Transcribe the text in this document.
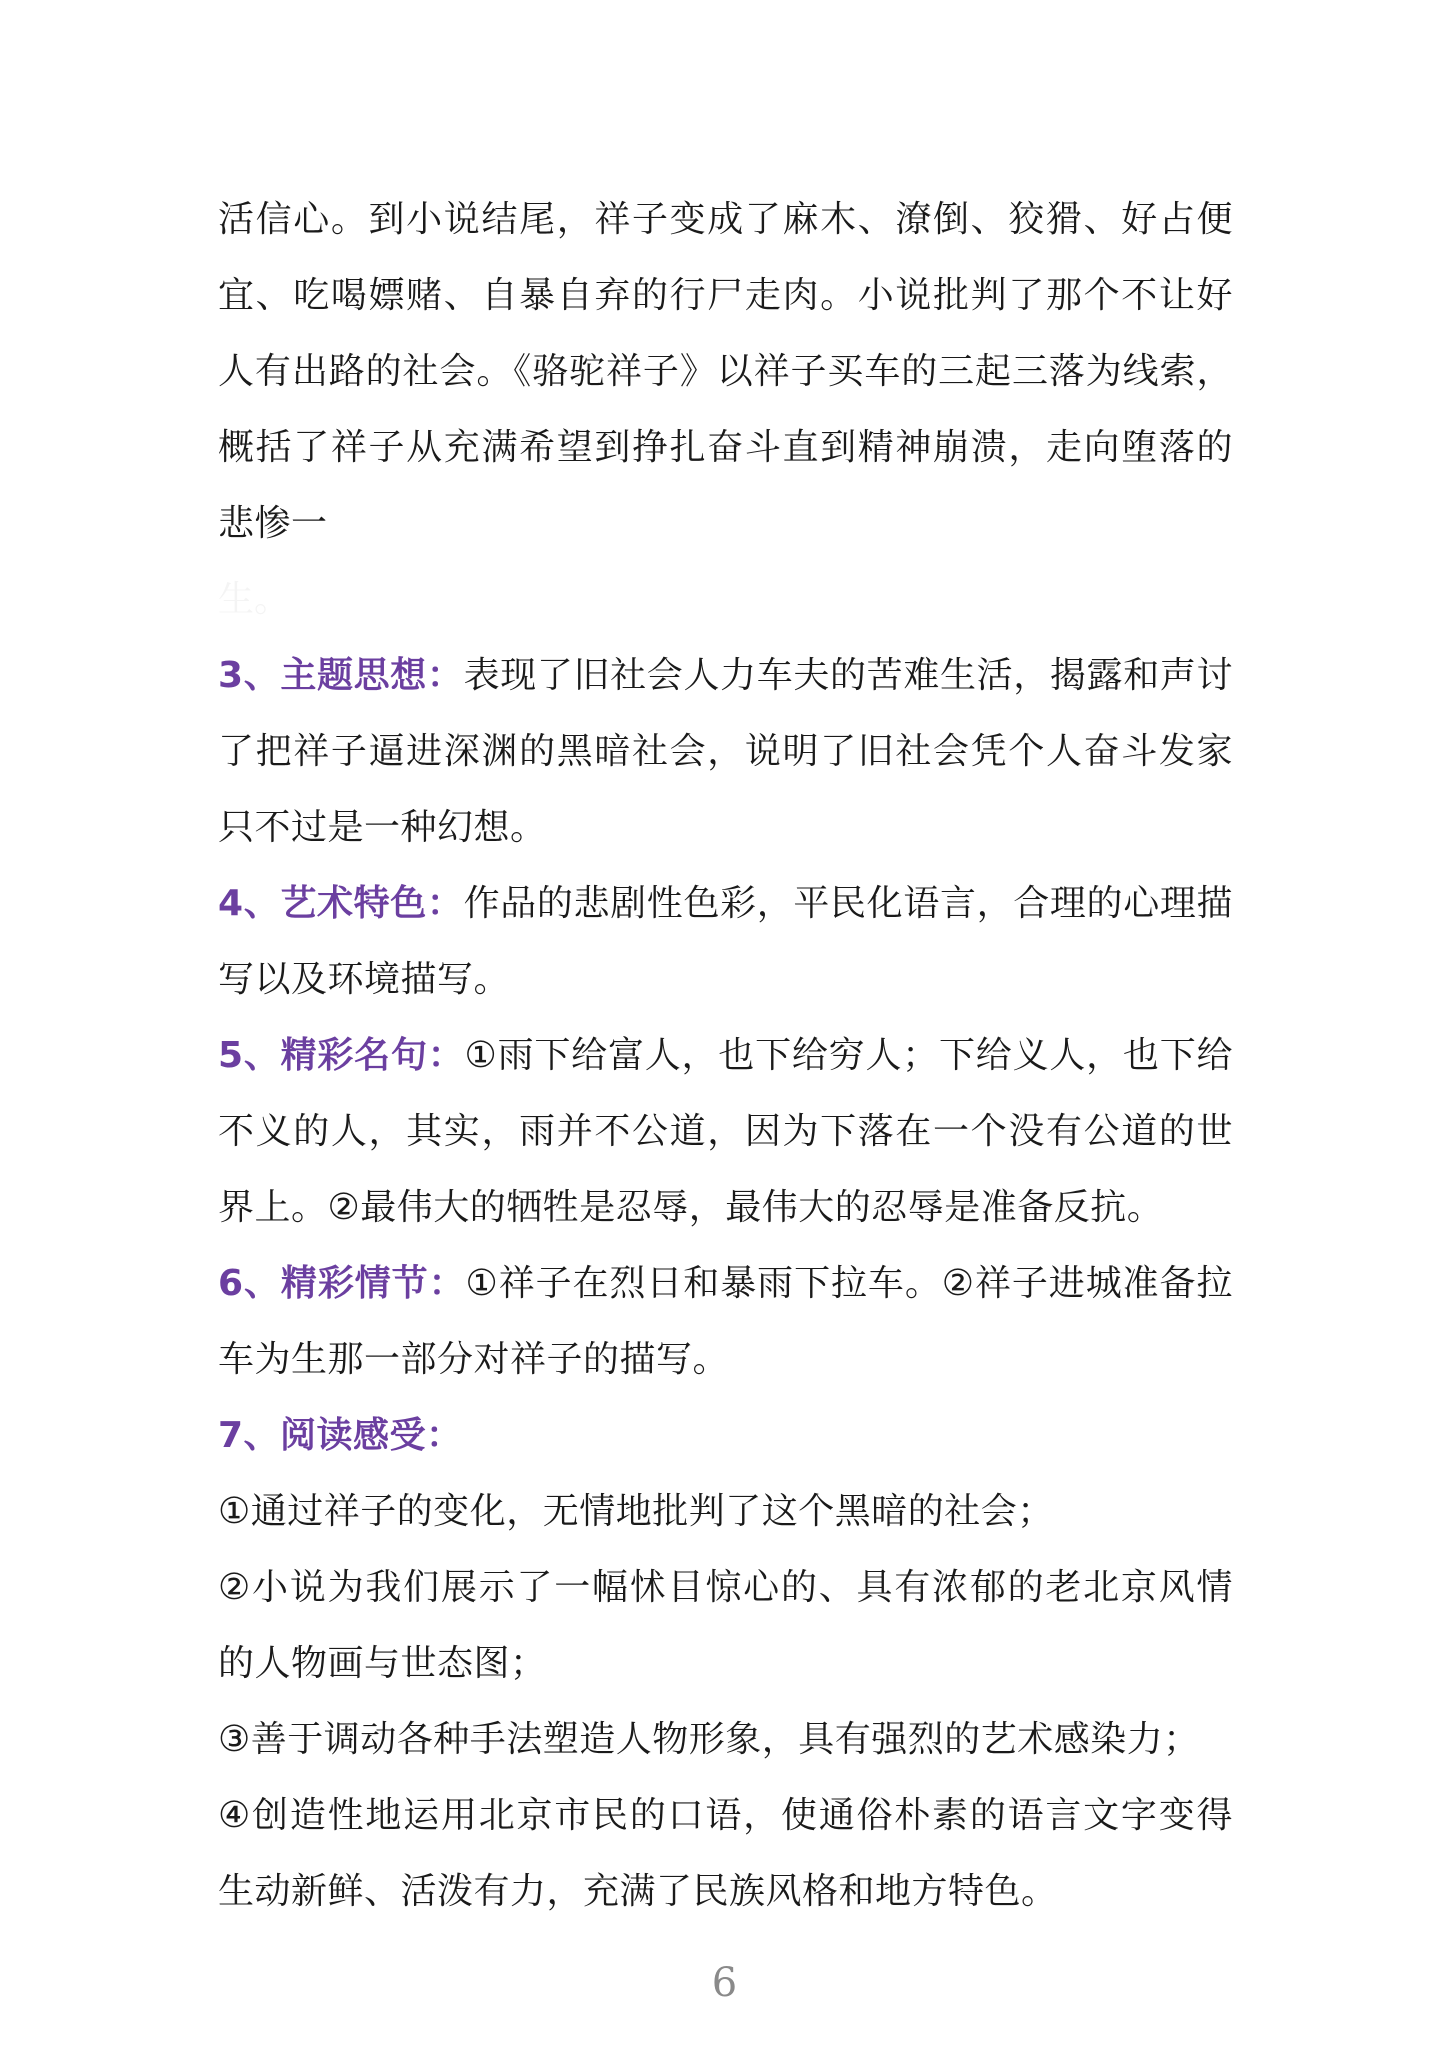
活信心。到小说结尾，祥子变成了麻木、潦倒、狡猾、好占便宜、吃喝嫖赌、自暴自弃的行尸走肉。小说批判了那个不让好人有出路的社会。《骆驼祥子》以祥子买车的三起三落为线索，概括了祥子从充满希望到挣扎奋斗直到精神崩溃，走向堕落的悲惨一

生。

3、主题思想：表现了旧社会人力车夫的苦难生活，揭露和声讨了把祥子逼进深渊的黑暗社会，说明了旧社会凭个人奋斗发家只不过是一种幻想。

4、艺术特色：作品的悲剧性色彩，平民化语言，合理的心理描写以及环境描写。

5、精彩名句：①雨下给富人，也下给穷人；下给义人，也下给不义的人，其实，雨并不公道，因为下落在一个没有公道的世界上。②最伟大的牺牲是忍辱，最伟大的忍辱是准备反抗。

6、精彩情节：①祥子在烈日和暴雨下拉车。②祥子进城准备拉车为生那一部分对祥子的描写。

7、阅读感受：

①通过祥子的变化，无情地批判了这个黑暗的社会；

②小说为我们展示了一幅怵目惊心的、具有浓郁的老北京风情的人物画与世态图；

③善于调动各种手法塑造人物形象，具有强烈的艺术感染力；

④创造性地运用北京市民的口语，使通俗朴素的语言文字变得生动新鲜、活泼有力，充满了民族风格和地方特色。

6
